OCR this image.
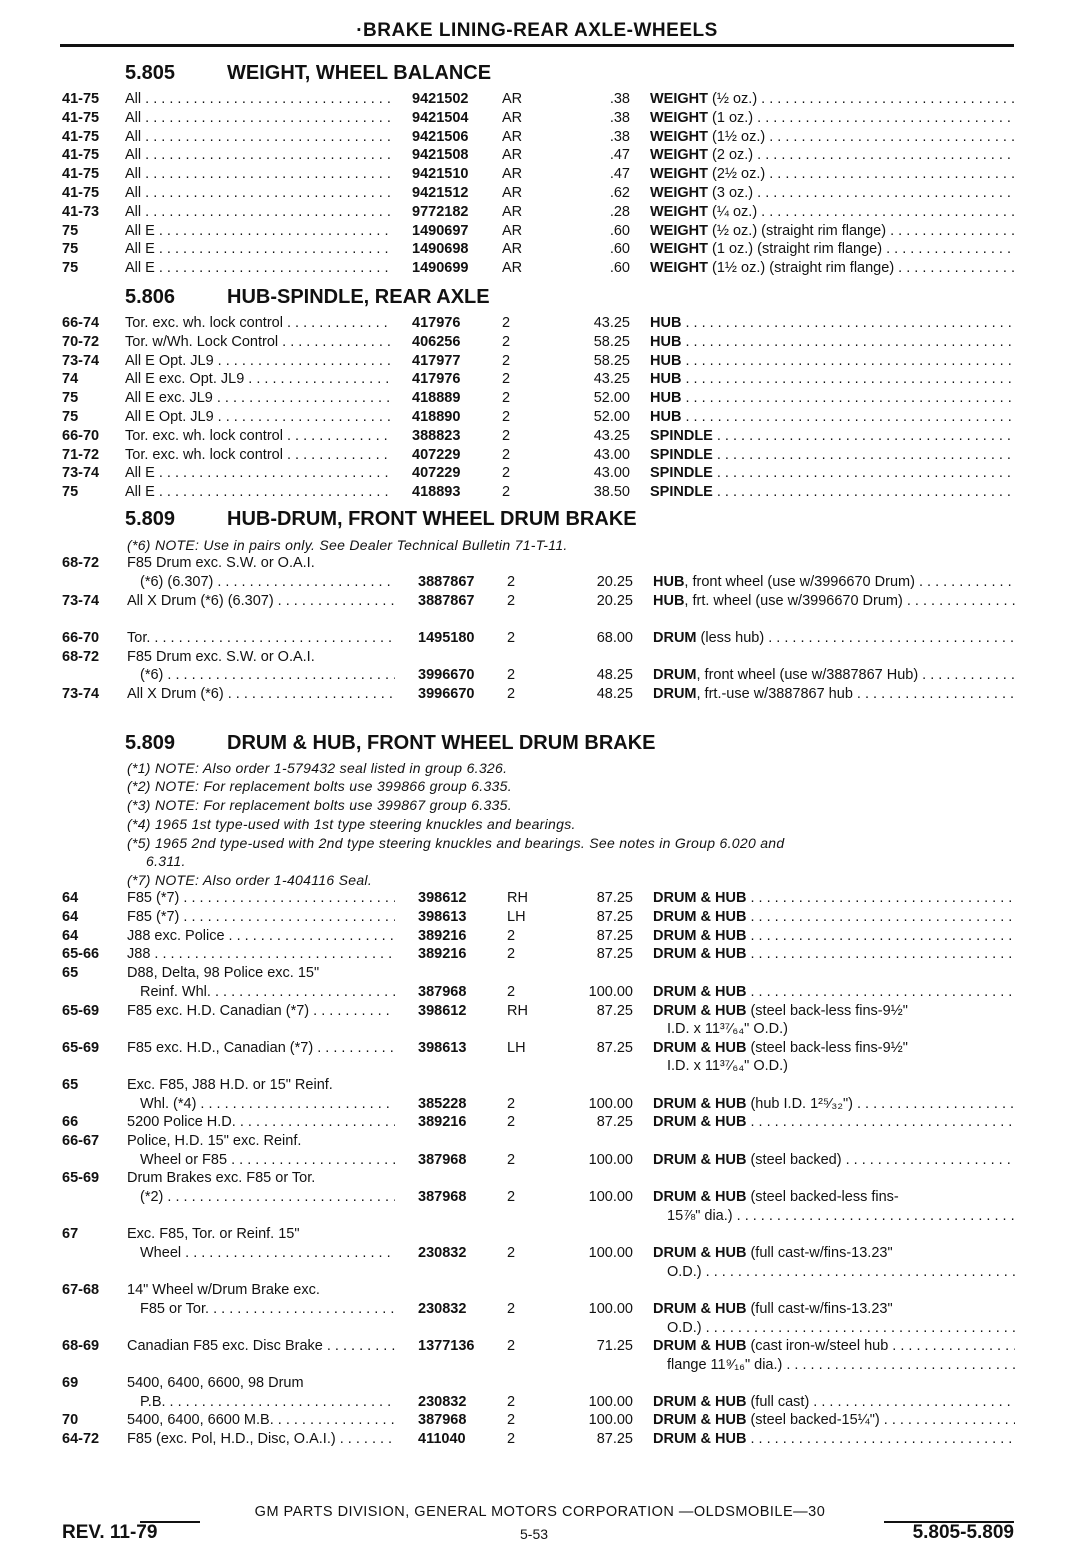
·BRAKE LINING-REAR AXLE-WHEELS
5.805	WEIGHT, WHEEL BALANCE
41-75 All . . .	9421502 AR	.38 WEIGHT (½ oz.) . . .
41-75 All . . .	9421504 AR	.38 WEIGHT (1 oz.) . . .
41-75 All . . .	9421506 AR	.38 WEIGHT (1½ oz.) . . .
41-75 All . . .	9421508 AR	.47 WEIGHT (2 oz.) . . .
41-75 All . . .	9421510 AR	.47 WEIGHT (2½ oz.) . . .
41-75 All . . .	9421512 AR	.62 WEIGHT (3 oz.) . . .
41-73 All . . .	9772182 AR	.28 WEIGHT (¼ oz.) . . .
75	All E . . .	1490697 AR	.60 WEIGHT (½ oz.) (straight rim flange) . . .
75	All E . . .	1490698 AR	.60 WEIGHT (1 oz.) (straight rim flange) . . .
75	All E . . .	1490699 AR	.60 WEIGHT (1½ oz.) (straight rim flange) . . .
5.806	HUB-SPINDLE, REAR AXLE
66-74 Tor. exc. wh. lock control . . .	417976	2	43.25 HUB . . .
70-72 Tor. w/Wh. Lock Control . . .	406256	2	58.25 HUB . . .
73-74 All E Opt. JL9 . . .	417977	2	58.25 HUB . . .
74	All E exc. Opt. JL9 . . .	417976	2	43.25 HUB . . .
75	All E exc. JL9 . . .	418889	2	52.00 HUB . . .
75	All E Opt. JL9 . . .	418890	2	52.00 HUB . . .
66-70 Tor. exc. wh. lock control . . .	388823	2	43.25 SPINDLE . . .
71-72 Tor. exc. wh. lock control . . .	407229	2	43.00 SPINDLE . . .
73-74 All E . . .	407229	2	43.00 SPINDLE . . .
75	All E . . .	418893	2	38.50 SPINDLE . . .
5.809	HUB-DRUM, FRONT WHEEL DRUM BRAKE
(*6) NOTE: Use in pairs only. See Dealer Technical Bulletin 71-T-11.
68-72 F85 Drum exc. S.W. or O.A.I.
(*6) (6.307) . . .	3887867 2	20.25 HUB, front wheel (use w/3996670 Drum) . . .
73-74 All X Drum (*6) (6.307) . . .	3887867 2	20.25 HUB, frt. wheel (use w/3996670 Drum) . . .
66-70 Tor. . . .	1495180 2	68.00 DRUM (less hub) . . .
68-72 F85 Drum exc. S.W. or O.A.I.
(*6) . . .	3996670 2	48.25 DRUM, front wheel (use w/3887867 Hub) . . .
73-74 All X Drum (*6) . . .	3996670 2	48.25 DRUM, frt.-use w/3887867 hub . . .
5.809	DRUM & HUB, FRONT WHEEL DRUM BRAKE
(*1) NOTE: Also order 1-579432 seal listed in group 6.326.
(*2) NOTE: For replacement bolts use 399866 group 6.335.
(*3) NOTE: For replacement bolts use 399867 group 6.335.
(*4) 1965 1st type-used with 1st type steering knuckles and bearings.
(*5) 1965 2nd type-used with 2nd type steering knuckles and bearings. See notes in Group 6.020 and
6.311.
(*7) NOTE: Also order 1-404116 Seal.
64	F85 (*7) . . .	398612	RH	87.25 DRUM & HUB . . .
64	F85 (*7) . . .	398613	LH	87.25 DRUM & HUB . . .
64	J88 exc. Police . . .	389216	2	87.25 DRUM & HUB . . .
65-66 J88 . . .	389216	2	87.25 DRUM & HUB . . .
65	D88, Delta, 98 Police exc. 15"
Reinf. Whl. . . .	387968	2	100.00 DRUM & HUB . . .
65-69 F85 exc. H.D. Canadian (*7) . . .	398612	RH	87.25 DRUM & HUB (steel back-less fins-9½"
I.D. x 11³⁷⁄₆₄" O.D.)
65-69 F85 exc. H.D., Canadian (*7) . . .	398613	LH	87.25 DRUM & HUB (steel back-less fins-9½"
I.D. x 11³⁷⁄₆₄" O.D.)
65	Exc. F85, J88 H.D. or 15" Reinf.
Whl. (*4) . . .	385228	2	100.00 DRUM & HUB (hub I.D. 1²⁵⁄₃₂") . . .
66	5200 Police H.D. . . .	389216	2	87.25 DRUM & HUB . . .
66-67 Police, H.D. 15" exc. Reinf.
Wheel or F85 . . .	387968	2	100.00 DRUM & HUB (steel backed) . . .
65-69 Drum Brakes exc. F85 or Tor.
(*2) . . .	387968	2	100.00 DRUM & HUB (steel backed-less fins-
15⅞" dia.) . . .
67	Exc. F85, Tor. or Reinf. 15"
Wheel . . .	230832	2	100.00 DRUM & HUB (full cast-w/fins-13.23"
O.D.) . . .
67-68 14" Wheel w/Drum Brake exc.
F85 or Tor. . . .	230832	2	100.00 DRUM & HUB (full cast-w/fins-13.23"
O.D.) . . .
68-69 Canadian F85 exc. Disc Brake . . .	1377136 2	71.25 DRUM & HUB (cast iron-w/steel hub . . .
flange 11⁹⁄₁₆" dia.) . . .
69	5400, 6400, 6600, 98 Drum
P.B. . . .	230832	2	100.00 DRUM & HUB (full cast) . . .
70	5400, 6400, 6600 M.B. . . .	387968	2	100.00 DRUM & HUB (steel backed-15¼") . . .
64-72 F85 (exc. Pol, H.D., Disc, O.A.I.) . . .	411040	2	87.25 DRUM & HUB . . .
GM PARTS DIVISION, GENERAL MOTORS CORPORATION —OLDSMOBILE—30
REV. 11-79	5-53	5.805-5.809
